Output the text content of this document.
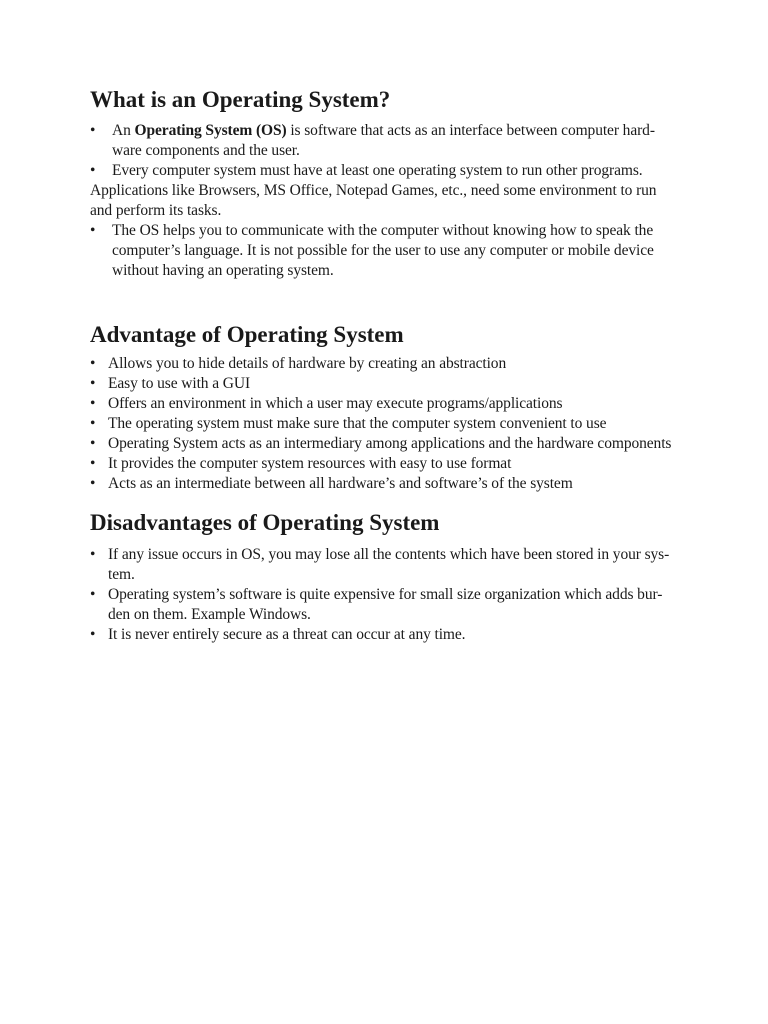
What is an Operating System?
• An Operating System (OS) is software that acts as an interface between computer hard-
ware components and the user.
• Every computer system must have at least one operating system to run other programs.

Applications like Browsers, MS Office, Notepad Games, etc., need some environment to run
and perform its tasks.

• The OS helps you to communicate with the computer without knowing how to speak the
computer’s language. It is not possible for the user to use any computer or mobile device
without having an operating system.
Advantage of Operating System
• Allows you to hide details of hardware by creating an abstraction
• Easy to use with a GUI
• Offers an environment in which a user may execute programs/applications
• The operating system must make sure that the computer system convenient to use
• Operating System acts as an intermediary among applications and the hardware components
• It provides the computer system resources with easy to use format
• Acts as an intermediate between all hardware’s and software’s of the system
Disadvantages of Operating System
• If any issue occurs in OS, you may lose all the contents which have been stored in your sys-
tem.
• Operating system’s software is quite expensive for small size organization which adds bur-
den on them. Example Windows.
• It is never entirely secure as a threat can occur at any time.
